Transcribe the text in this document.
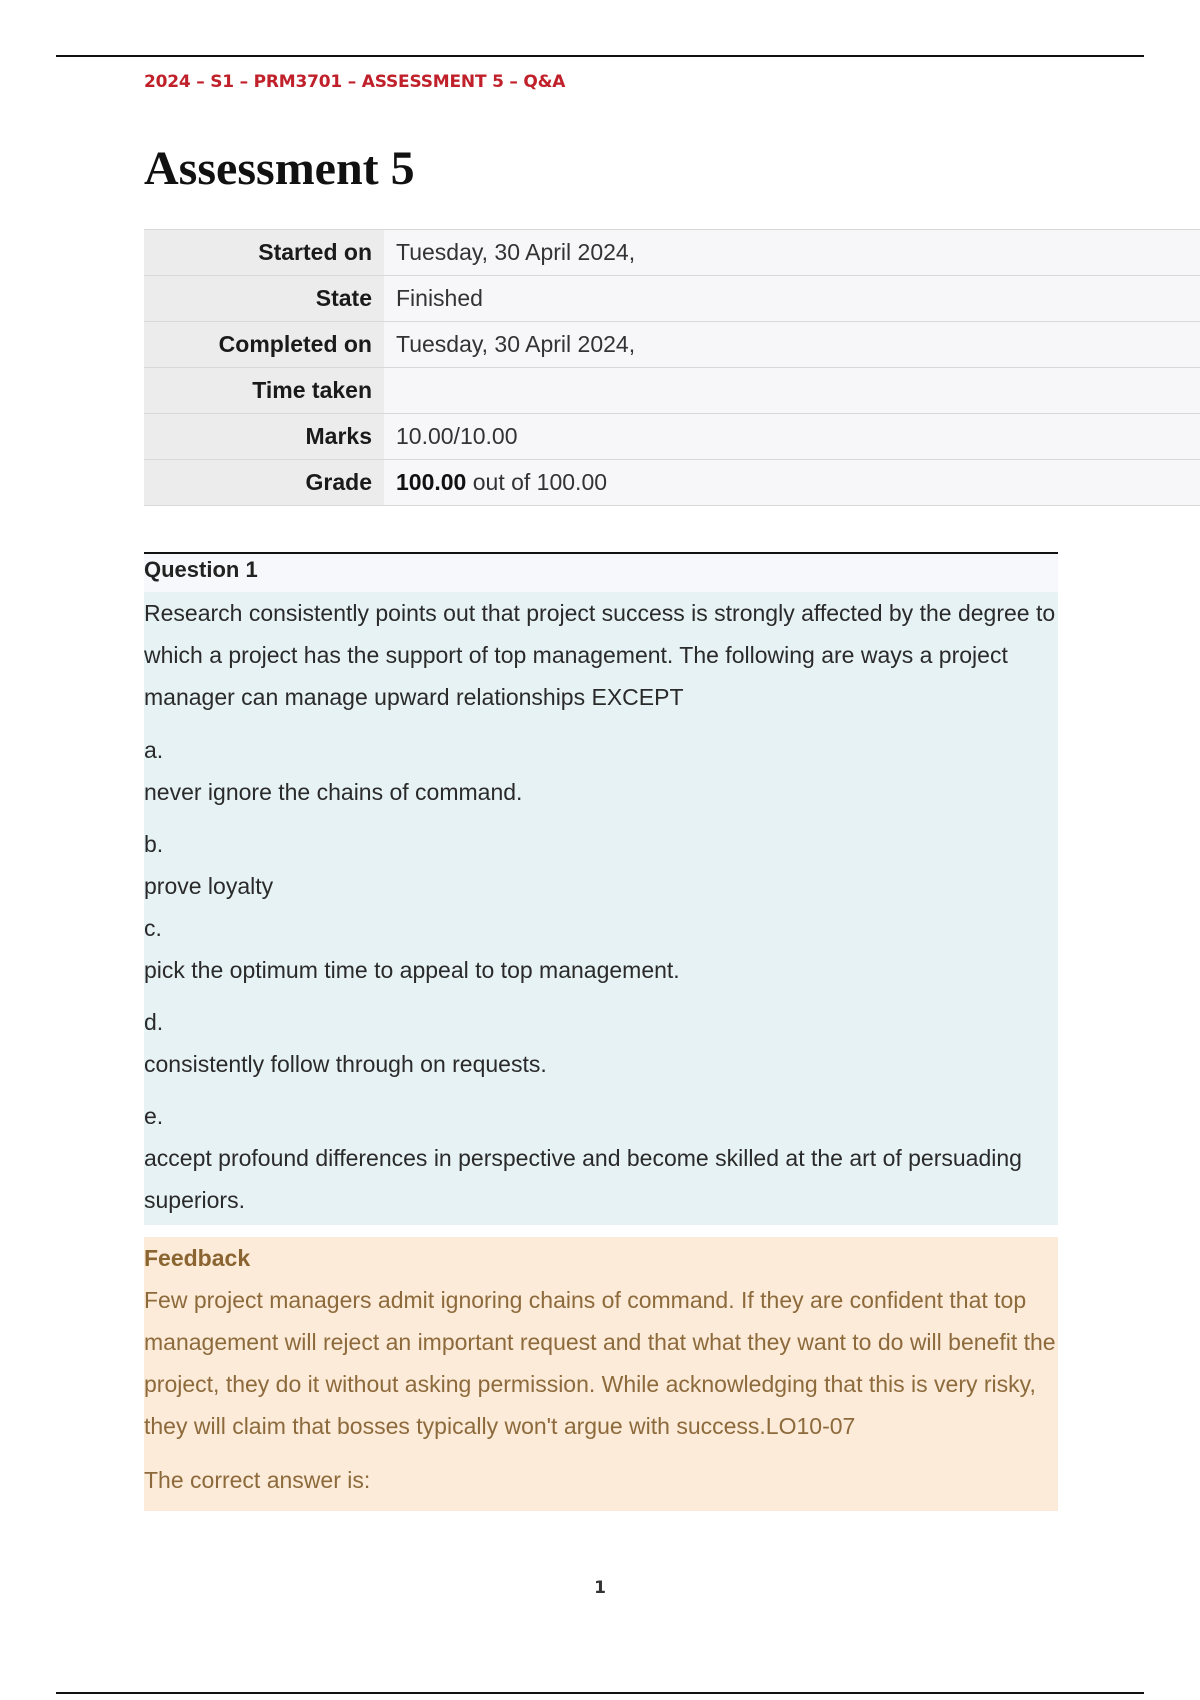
2024 – S1 – PRM3701 – ASSESSMENT 5 – Q&A
Assessment 5
Started on	Tuesday, 30 April 2024,
State	Finished
Completed on	Tuesday, 30 April 2024,
Time taken	
Marks	10.00/10.00
Grade	100.00 out of 100.00
Question 1

Research consistently points out that project success is strongly affected by the degree to which a project has the support of top management. The following are ways a project manager can manage upward relationships EXCEPT

a.

never ignore the chains of command.

b.

prove loyalty

c.

pick the optimum time to appeal to top management.

d.

consistently follow through on requests.

e.

accept profound differences in perspective and become skilled at the art of persuading superiors.

Feedback

Few project managers admit ignoring chains of command. If they are confident that top management will reject an important request and that what they want to do will benefit the project, they do it without asking permission. While acknowledging that this is very risky, they will claim that bosses typically won't argue with success.LO10-07

The correct answer is:

1
